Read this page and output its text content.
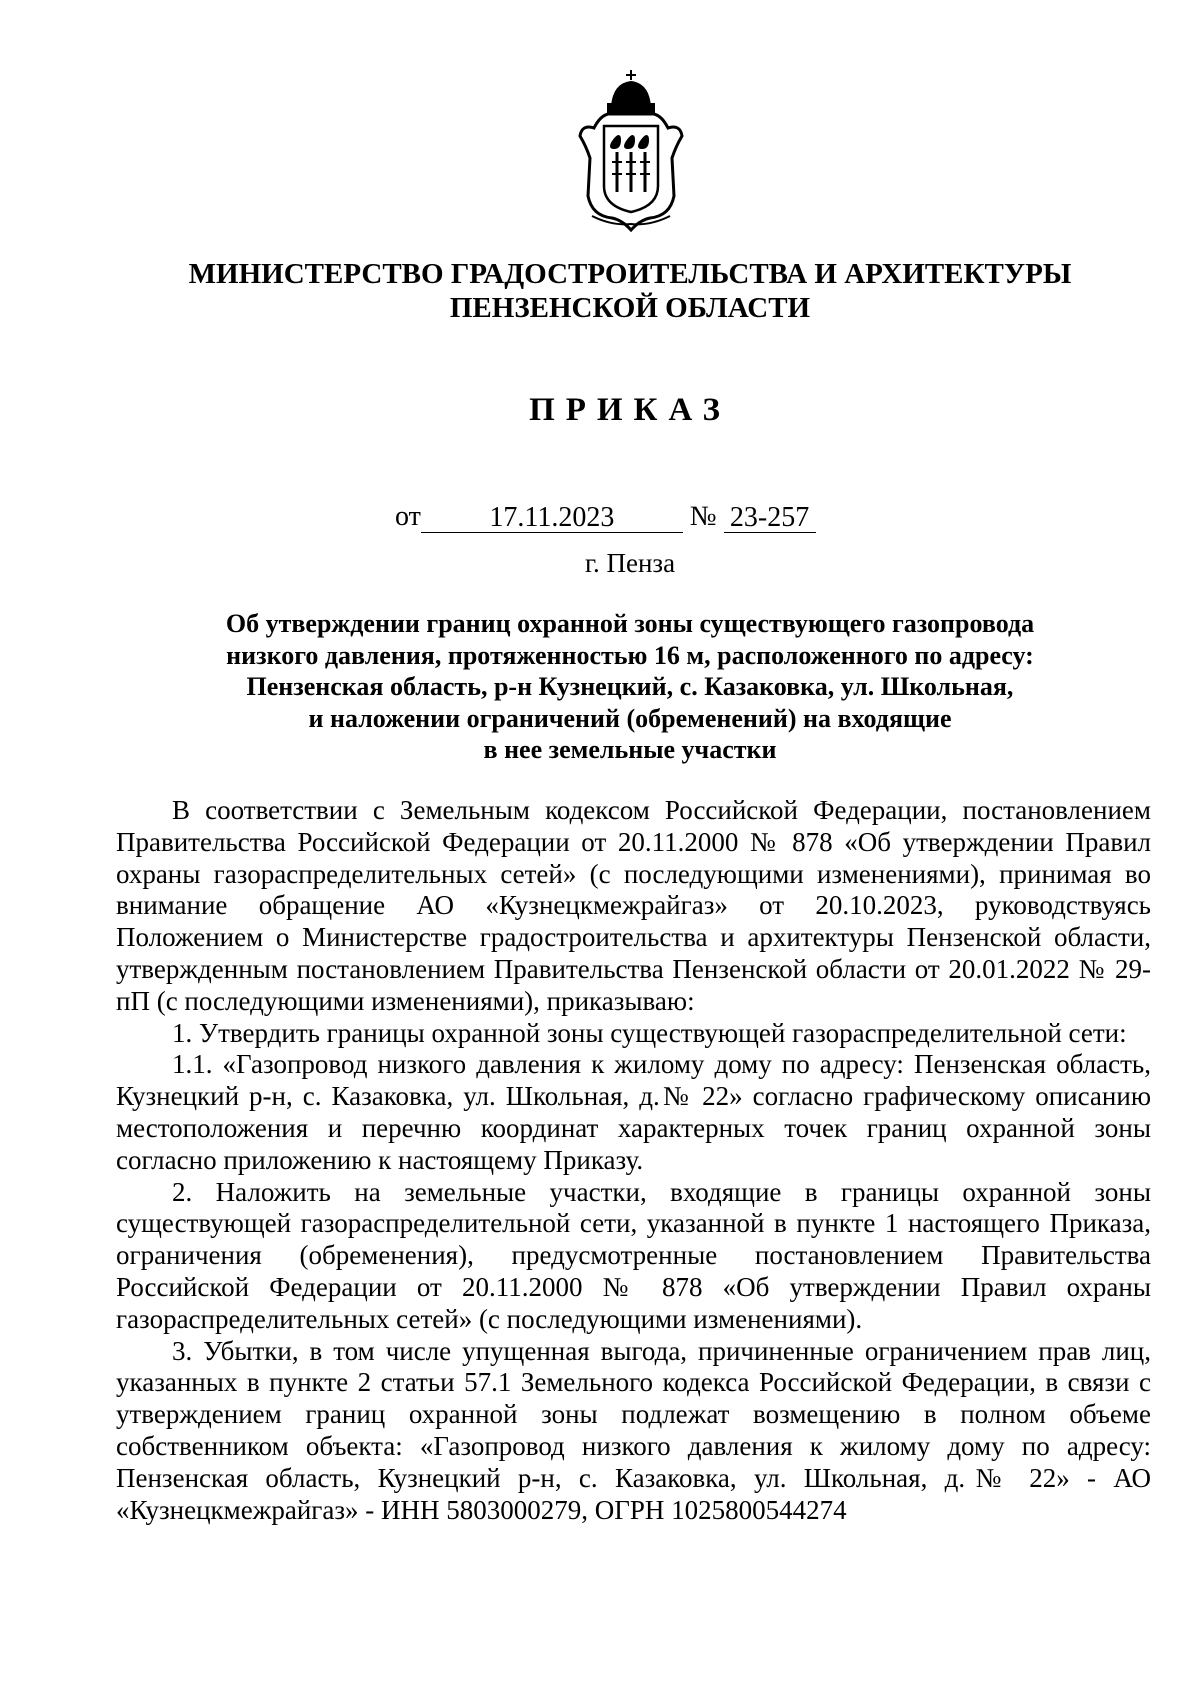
МИНИСТЕРСТВО ГРАДОСТРОИТЕЛЬСТВА И АРХИТЕКТУРЫ
ПЕНЗЕНСКОЙ ОБЛАСТИ
ПРИКАЗ
от 17.11.2023	№ 23-257
г. Пенза
Об утверждении границ охранной зоны существующего газопровода
низкого давления, протяженностью 16 м, расположенного по адресу:
Пензенская область, р-н Кузнецкий, с. Казаковка, ул. Школьная,
и наложении ограничений (обременений) на входящие
в нее земельные участки

В соответствии с Земельным кодексом Российской Федерации, постановлением Правительства Российской Федерации от 20.11.2000 № 878 «Об утверждении Правил охраны газораспределительных сетей» (с последующими изменениями), принимая во внимание обращение АО «Кузнецкмежрайгаз» от 20.10.2023, руководствуясь Положением о Министерстве градостроительства и архитектуры Пензенской области, утвержденным постановлением Правительства Пензенской области от 20.01.2022 № 29-пП (с последующими изменениями), приказываю:

1. Утвердить границы охранной зоны существующей газораспределительной сети:

1.1. «Газопровод низкого давления к жилому дому по адресу: Пензенская область, Кузнецкий р-н, с. Казаковка, ул. Школьная, д.№ 22» согласно графическому описанию местоположения и перечню координат характерных точек границ охранной зоны согласно приложению к настоящему Приказу.

2. Наложить на земельные участки, входящие в границы охранной зоны существующей газораспределительной сети, указанной в пункте 1 настоящего Приказа, ограничения (обременения), предусмотренные постановлением Правительства Российской Федерации от 20.11.2000 № 878 «Об утверждении Правил охраны газораспределительных сетей» (с последующими изменениями).

3. Убытки, в том числе упущенная выгода, причиненные ограничением прав лиц, указанных в пункте 2 статьи 57.1 Земельного кодекса Российской Федерации, в связи с утверждением границ охранной зоны подлежат возмещению в полном объеме собственником объекта: «Газопровод низкого давления к жилому дому по адресу: Пензенская область, Кузнецкий р-н, с. Казаковка, ул. Школьная, д.№ 22» - АО «Кузнецкмежрайгаз» - ИНН 5803000279, ОГРН 1025800544274
